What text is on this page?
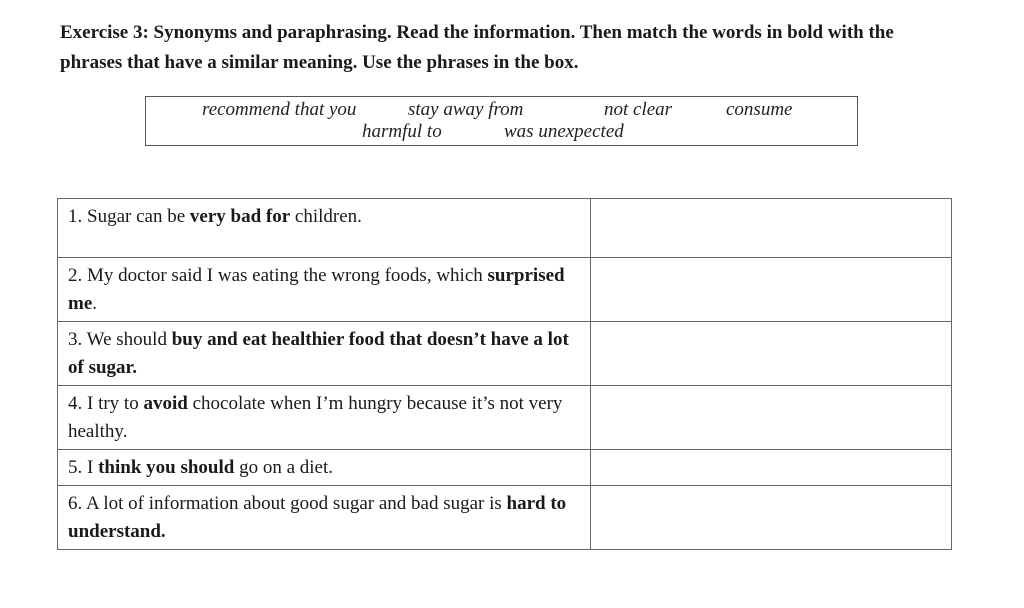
Exercise 3: Synonyms and paraphrasing. Read the information. Then match the words in bold with the phrases that have a similar meaning. Use the phrases in the box.
recommend that you	stay away from	not clear	consume
harmful to	was unexpected
1. Sugar can be very bad for children.	
2. My doctor said I was eating the wrong foods, which surprised me.	
3. We should buy and eat healthier food that doesn’t have a lot of sugar.	
4. I try to avoid chocolate when I’m hungry because it’s not very healthy.	
5. I think you should go on a diet.	
6. A lot of information about good sugar and bad sugar is hard to understand.	
